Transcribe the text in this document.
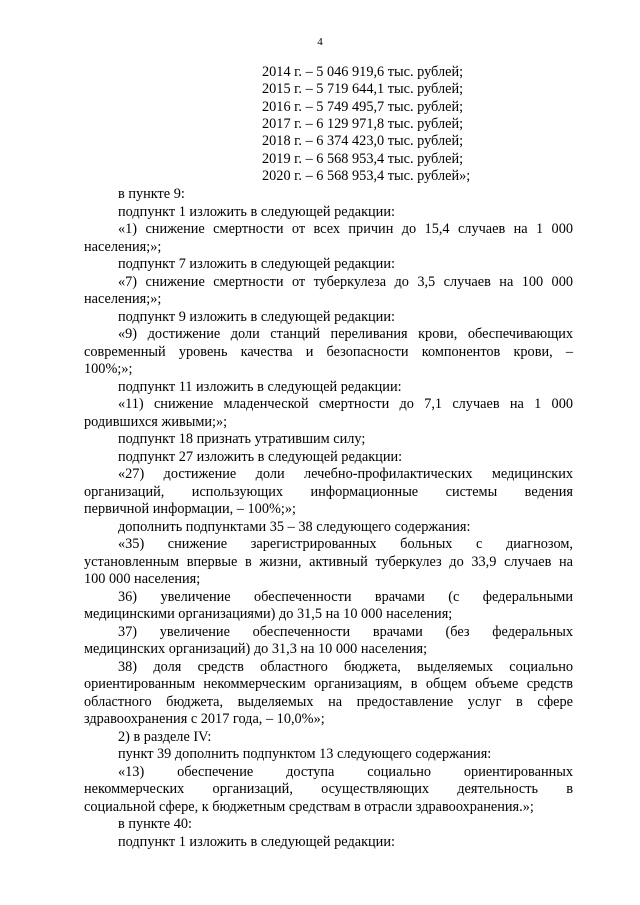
4
2014 г. – 5 046 919,6 тыс. рублей;
2015 г. – 5 719 644,1 тыс. рублей;
2016 г. – 5 749 495,7 тыс. рублей;
2017 г. – 6 129 971,8 тыс. рублей;
2018 г. – 6 374 423,0 тыс. рублей;
2019 г. – 6 568 953,4 тыс. рублей;
2020 г. – 6 568 953,4 тыс. рублей»;
в пункте 9:
подпункт 1 изложить в следующей редакции:
«1) снижение смертности от всех причин до 15,4 случаев на 1 000
населения;»;
подпункт 7 изложить в следующей редакции:
«7) снижение смертности от туберкулеза до 3,5 случаев на 100 000
населения;»;
подпункт 9 изложить в следующей редакции:
«9) достижение доли станций переливания крови, обеспечивающих
современный уровень качества и безопасности компонентов крови, –
100%;»;
подпункт 11 изложить в следующей редакции:
«11) снижение младенческой смертности до 7,1 случаев на 1 000
родившихся живыми;»;
подпункт 18 признать утратившим силу;
подпункт 27 изложить в следующей редакции:
«27) достижение доли лечебно-профилактических медицинских
организаций, использующих информационные системы ведения
первичной информации, – 100%;»;
дополнить подпунктами 35 – 38 следующего содержания:
«35) снижение зарегистрированных больных с диагнозом,
установленным впервые в жизни, активный туберкулез до 33,9 случаев на
100 000 населения;
36) увеличение обеспеченности врачами (с федеральными
медицинскими организациями) до 31,5 на 10 000 населения;
37) увеличение обеспеченности врачами (без федеральных
медицинских организаций) до 31,3 на 10 000 населения;
38) доля средств областного бюджета, выделяемых социально
ориентированным некоммерческим организациям, в общем объеме средств
областного бюджета, выделяемых на предоставление услуг в сфере
здравоохранения с 2017 года, – 10,0%»;
2) в разделе IV:
пункт 39 дополнить подпунктом 13 следующего содержания:
«13) обеспечение доступа социально ориентированных
некоммерческих организаций, осуществляющих деятельность в
социальной сфере, к бюджетным средствам в отрасли здравоохранения.»;
в пункте 40:
подпункт 1 изложить в следующей редакции:
